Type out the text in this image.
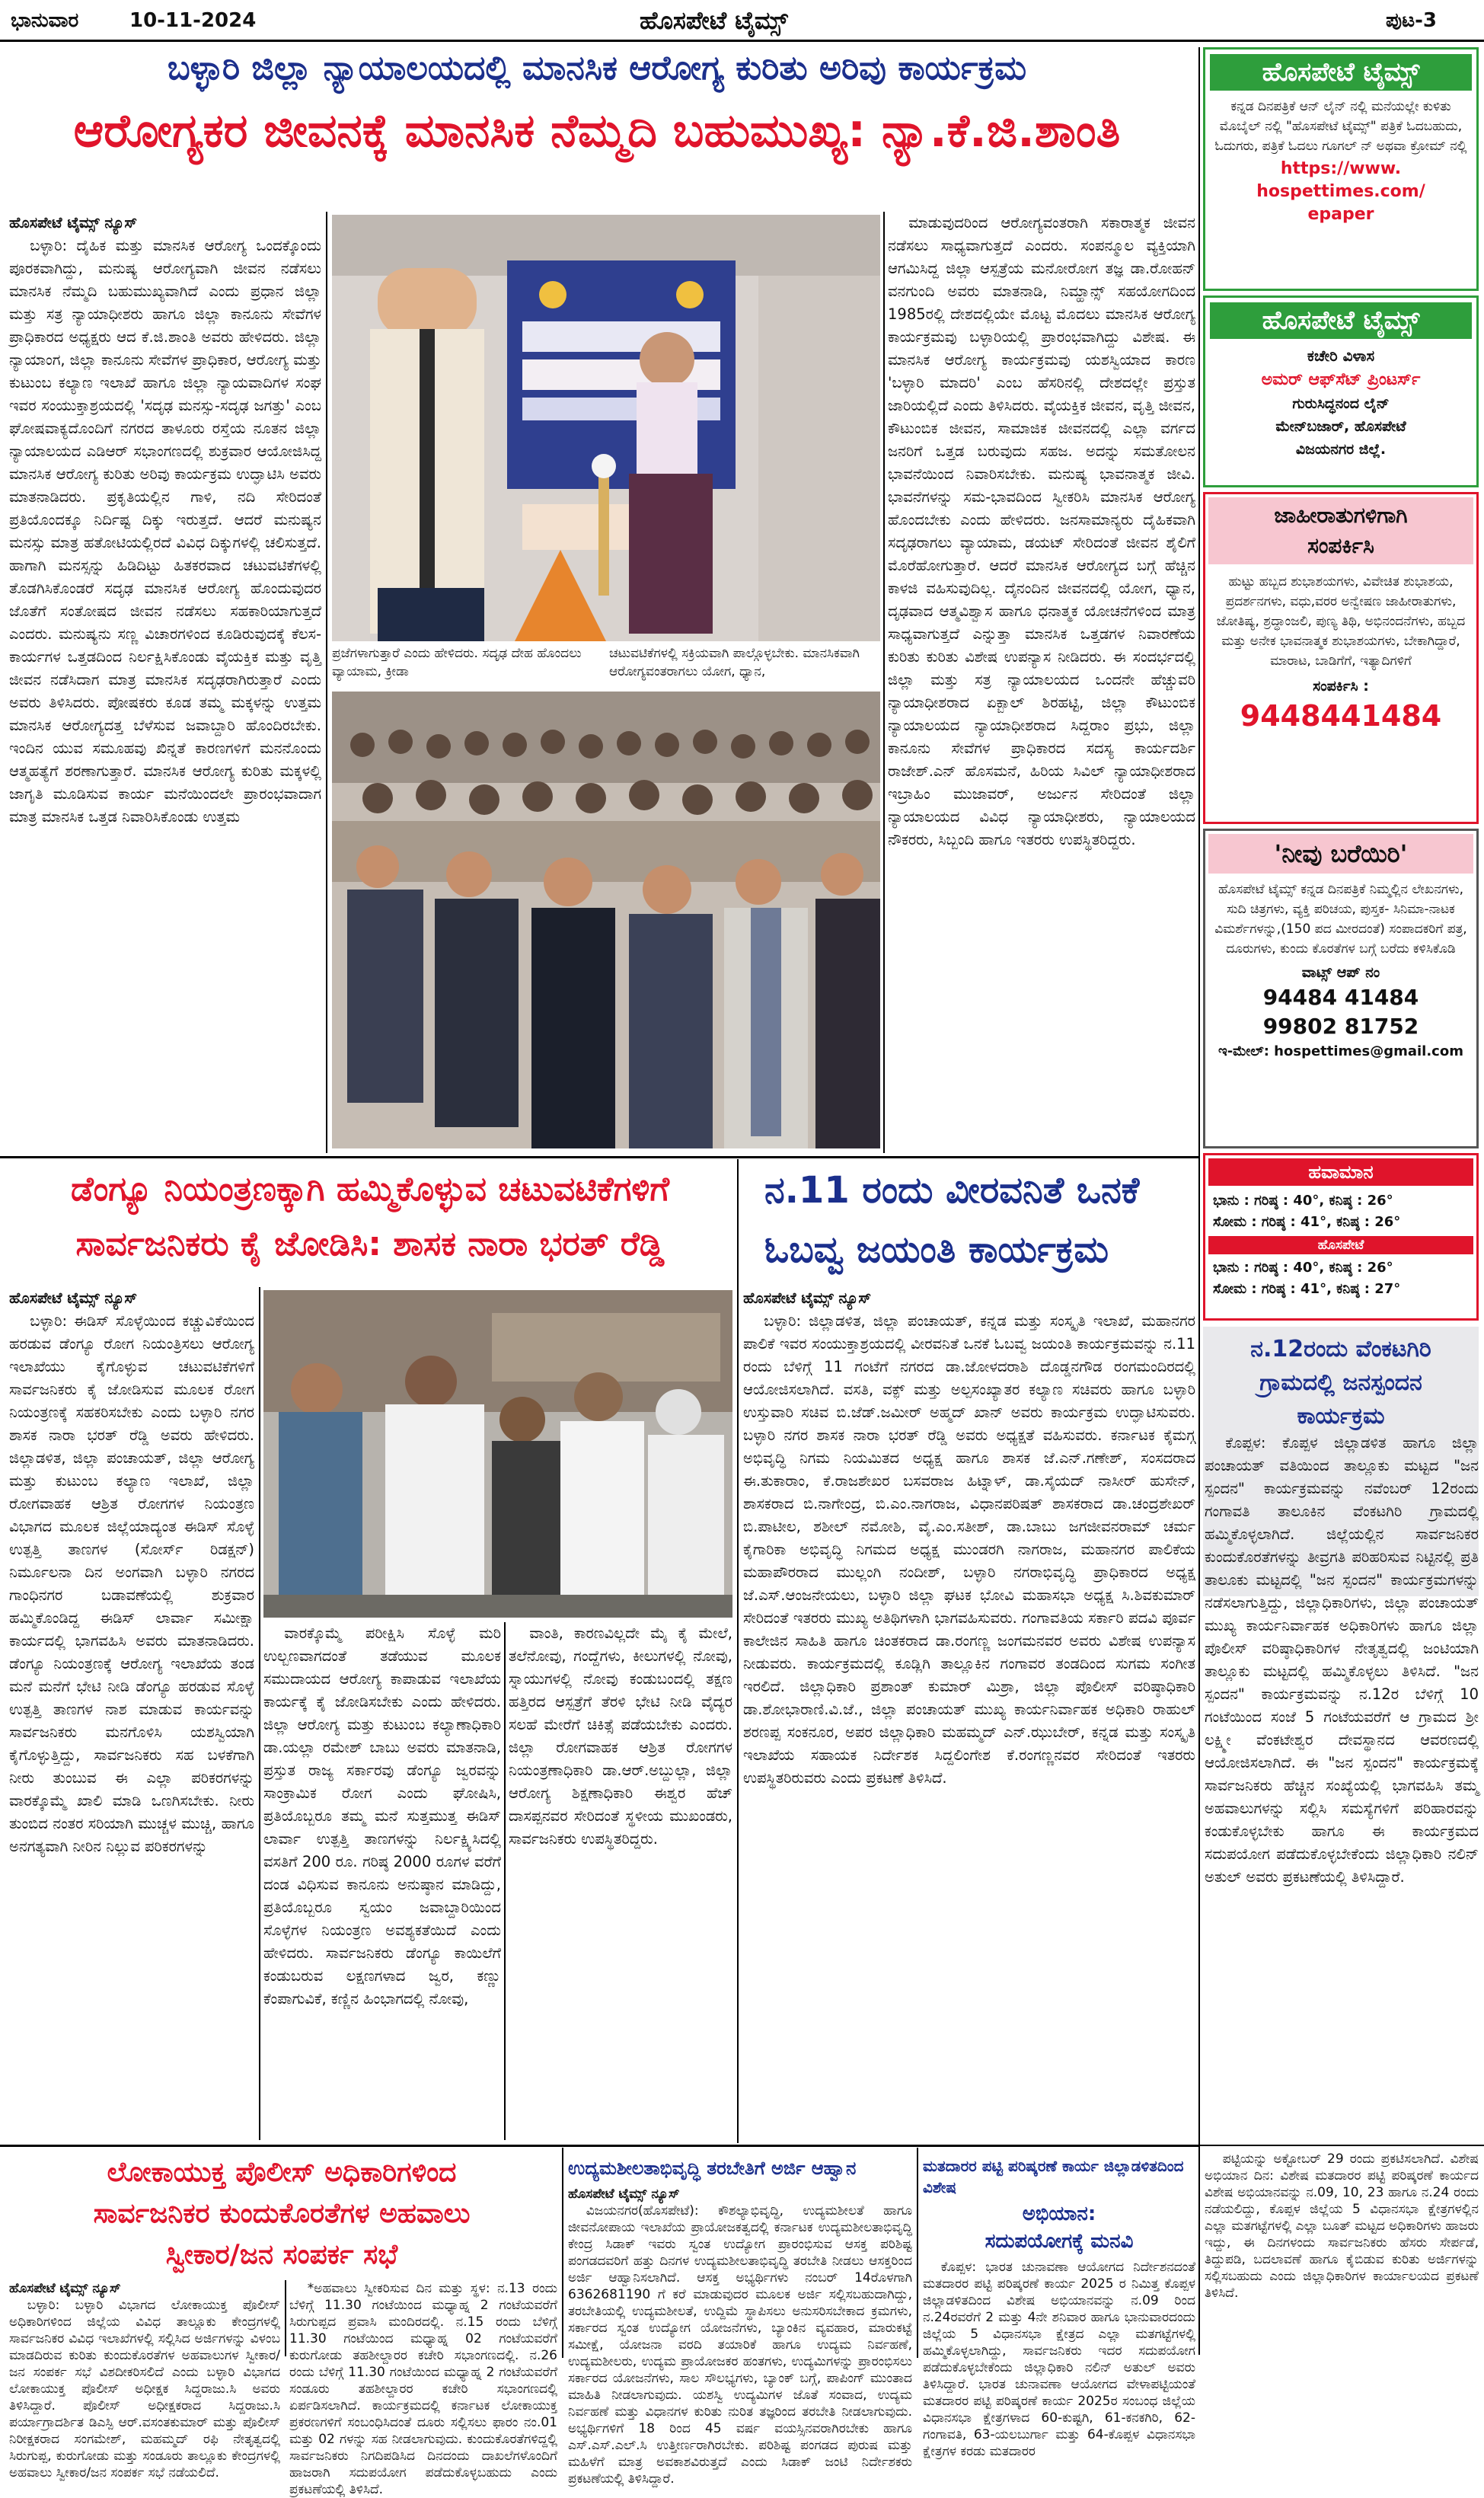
ಭಾನುವಾರ	10-11-2024	ಹೊಸಪೇಟೆ ಟೈಮ್ಸ್	ಪುಟ-3
ಬಳ್ಳಾರಿ ಜಿಲ್ಲಾ ನ್ಯಾಯಾಲಯದಲ್ಲಿ ಮಾನಸಿಕ ಆರೋಗ್ಯ ಕುರಿತು ಅರಿವು ಕಾರ್ಯಕ್ರಮ
ಆರೋಗ್ಯಕರ ಜೀವನಕ್ಕೆ ಮಾನಸಿಕ ನೆಮ್ಮದಿ ಬಹುಮುಖ್ಯ: ನ್ಯಾ.ಕೆ.ಜಿ.ಶಾಂತಿ
ಹೊಸಪೇಟೆ ಟೈಮ್ಸ್ ನ್ಯೂಸ್

ಬಳ್ಳಾರಿ: ದೈಹಿಕ ಮತ್ತು ಮಾನಸಿಕ ಆರೋಗ್ಯ ಒಂದಕ್ಕೊಂದು ಪೂರಕವಾಗಿದ್ದು, ಮನುಷ್ಯ ಆರೋಗ್ಯವಾಗಿ ಜೀವನ ನಡೆಸಲು ಮಾನಸಿಕ ನೆಮ್ಮದಿ ಬಹುಮುಖ್ಯವಾಗಿದೆ ಎಂದು ಪ್ರಧಾನ ಜಿಲ್ಲಾ ಮತ್ತು ಸತ್ರ ನ್ಯಾಯಾಧೀಶರು ಹಾಗೂ ಜಿಲ್ಲಾ ಕಾನೂನು ಸೇವೆಗಳ ಪ್ರಾಧಿಕಾರದ ಅಧ್ಯಕ್ಷರು ಆದ ಕೆ.ಜಿ.ಶಾಂತಿ ಅವರು ಹೇಳಿದರು. ಜಿಲ್ಲಾ ನ್ಯಾಯಾಂಗ, ಜಿಲ್ಲಾ ಕಾನೂನು ಸೇವೆಗಳ ಪ್ರಾಧಿಕಾರ, ಆರೋಗ್ಯ ಮತ್ತು ಕುಟುಂಬ ಕಲ್ಯಾಣ ಇಲಾಖೆ ಹಾಗೂ ಜಿಲ್ಲಾ ನ್ಯಾಯವಾದಿಗಳ ಸಂಘ ಇವರ ಸಂಯುಕ್ತಾಶ್ರಯದಲ್ಲಿ 'ಸದೃಢ ಮನಸ್ಸು-ಸದೃಢ ಜಗತ್ತು' ಎಂಬ ಘೋಷವಾಕ್ಯದೊಂದಿಗೆ ನಗರದ ತಾಳೂರು ರಸ್ತೆಯ ನೂತನ ಜಿಲ್ಲಾ ನ್ಯಾಯಾಲಯದ ಎಡಿಆರ್ ಸಭಾಂಗಣದಲ್ಲಿ ಶುಕ್ರವಾರ ಆಯೋಜಿಸಿದ್ದ ಮಾನಸಿಕ ಆರೋಗ್ಯ ಕುರಿತು ಅರಿವು ಕಾರ್ಯಕ್ರಮ ಉದ್ಘಾಟಿಸಿ ಅವರು ಮಾತನಾಡಿದರು. ಪ್ರಕೃತಿಯಲ್ಲಿನ ಗಾಳಿ, ನದಿ ಸೇರಿದಂತೆ ಪ್ರತಿಯೊಂದಕ್ಕೂ ನಿರ್ದಿಷ್ಟ ದಿಕ್ಕು ಇರುತ್ತದೆ. ಆದರೆ ಮನುಷ್ಯನ ಮನಸ್ಸು ಮಾತ್ರ ಹತೋಟಿಯಲ್ಲಿರದೆ ವಿವಿಧ ದಿಕ್ಕುಗಳಲ್ಲಿ ಚಲಿಸುತ್ತದೆ. ಹಾಗಾಗಿ ಮನಸ್ಸನ್ನು ಹಿಡಿದಿಟ್ಟು ಹಿತಕರವಾದ ಚಟುವಟಿಕೆಗಳಲ್ಲಿ ತೊಡಗಿಸಿಕೊಂಡರೆ ಸದೃಢ ಮಾನಸಿಕ ಆರೋಗ್ಯ ಹೊಂದುವುದರ ಜೊತೆಗೆ ಸಂತೋಷದ ಜೀವನ ನಡೆಸಲು ಸಹಕಾರಿಯಾಗುತ್ತದೆ ಎಂದರು. ಮನುಷ್ಯನು ಸಣ್ಣ ವಿಚಾರಗಳಿಂದ ಕೂಡಿರುವುದಕ್ಕೆ ಕೆಲಸ-ಕಾರ್ಯಗಳ ಒತ್ತಡದಿಂದ ನಿರ್ಲಕ್ಷಿಸಿಕೊಂಡು ವೈಯಕ್ತಿಕ ಮತ್ತು ವೃತ್ತಿ ಜೀವನ ನಡೆಸಿದಾಗ ಮಾತ್ರ ಮಾನಸಿಕ ಸದೃಢರಾಗಿರುತ್ತಾರೆ ಎಂದು ಅವರು ತಿಳಿಸಿದರು. ಪೋಷಕರು ಕೂಡ ತಮ್ಮ ಮಕ್ಕಳನ್ನು ಉತ್ತಮ ಮಾನಸಿಕ ಆರೋಗ್ಯದತ್ತ ಬೆಳೆಸುವ ಜವಾಬ್ದಾರಿ ಹೊಂದಿರಬೇಕು. ಇಂದಿನ ಯುವ ಸಮೂಹವು ಖಿನ್ನತೆ ಕಾರಣಗಳಿಗೆ ಮನನೊಂದು ಆತ್ಮಹತ್ಯೆಗೆ ಶರಣಾಗುತ್ತಾರೆ. ಮಾನಸಿಕ ಆರೋಗ್ಯ ಕುರಿತು ಮಕ್ಕಳಲ್ಲಿ ಜಾಗೃತಿ ಮೂಡಿಸುವ ಕಾರ್ಯ ಮನೆಯಿಂದಲೇ ಪ್ರಾರಂಭವಾದಾಗ ಮಾತ್ರ ಮಾನಸಿಕ ಒತ್ತಡ ನಿವಾರಿಸಿಕೊಂಡು ಉತ್ತಮ

ಪ್ರಜೆಗಳಾಗುತ್ತಾರೆ ಎಂದು ಹೇಳಿದರು. ಸದೃಢ ದೇಹ ಹೊಂದಲು ವ್ಯಾಯಾಮ, ಕ್ರೀಡಾ
ಚಟುವಟಿಕೆಗಳಲ್ಲಿ ಸಕ್ರಿಯವಾಗಿ ಪಾಲ್ಗೊಳ್ಳಬೇಕು. ಮಾನಸಿಕವಾಗಿ ಆರೋಗ್ಯವಂತರಾಗಲು ಯೋಗ, ಧ್ಯಾನ,

ಮಾಡುವುದರಿಂದ ಆರೋಗ್ಯವಂತರಾಗಿ ಸಕಾರಾತ್ಮಕ ಜೀವನ ನಡೆಸಲು ಸಾಧ್ಯವಾಗುತ್ತದೆ ಎಂದರು. ಸಂಪನ್ಮೂಲ ವ್ಯಕ್ತಿಯಾಗಿ ಆಗಮಿಸಿದ್ದ ಜಿಲ್ಲಾ ಆಸ್ಪತ್ರೆಯ ಮನೋರೋಗ ತಜ್ಞ ಡಾ.ರೋಹನ್ ವನಗುಂದಿ ಅವರು ಮಾತನಾಡಿ, ನಿಮ್ಹಾನ್ಸ್ ಸಹಯೋಗದಿಂದ 1985ರಲ್ಲಿ ದೇಶದಲ್ಲಿಯೇ ಮೊಟ್ಟ ಮೊದಲು ಮಾನಸಿಕ ಆರೋಗ್ಯ ಕಾರ್ಯಕ್ರಮವು ಬಳ್ಳಾರಿಯಲ್ಲಿ ಪ್ರಾರಂಭವಾಗಿದ್ದು ವಿಶೇಷ. ಈ ಮಾನಸಿಕ ಆರೋಗ್ಯ ಕಾರ್ಯಕ್ರಮವು ಯಶಸ್ವಿಯಾದ ಕಾರಣ 'ಬಳ್ಳಾರಿ ಮಾದರಿ' ಎಂಬ ಹೆಸರಿನಲ್ಲಿ ದೇಶದಲ್ಲೇ ಪ್ರಸ್ತುತ ಜಾರಿಯಲ್ಲಿದೆ ಎಂದು ತಿಳಿಸಿದರು. ವೈಯಕ್ತಿಕ ಜೀವನ, ವೃತ್ತಿ ಜೀವನ, ಕೌಟುಂಬಿಕ ಜೀವನ, ಸಾಮಾಜಿಕ ಜೀವನದಲ್ಲಿ ಎಲ್ಲಾ ವರ್ಗದ ಜನರಿಗೆ ಒತ್ತಡ ಬರುವುದು ಸಹಜ. ಅದನ್ನು ಸಮತೋಲನ ಭಾವನೆಯಿಂದ ನಿವಾರಿಸಬೇಕು. ಮನುಷ್ಯ ಭಾವನಾತ್ಮಕ ಜೀವಿ. ಭಾವನೆಗಳನ್ನು ಸಮ-ಭಾವದಿಂದ ಸ್ವೀಕರಿಸಿ ಮಾನಸಿಕ ಆರೋಗ್ಯ ಹೊಂದಬೇಕು ಎಂದು ಹೇಳಿದರು. ಜನಸಾಮಾನ್ಯರು ದೈಹಿಕವಾಗಿ ಸದೃಢರಾಗಲು ವ್ಯಾಯಾಮ, ಡಯಟ್ ಸೇರಿದಂತೆ ಜೀವನ ಶೈಲಿಗೆ ಮೊರೆಹೋಗುತ್ತಾರೆ. ಆದರೆ ಮಾನಸಿಕ ಆರೋಗ್ಯದ ಬಗ್ಗೆ ಹೆಚ್ಚಿನ ಕಾಳಜಿ ವಹಿಸುವುದಿಲ್ಲ. ದೈನಂದಿನ ಜೀವನದಲ್ಲಿ ಯೋಗ, ಧ್ಯಾನ, ದೃಢವಾದ ಆತ್ಮವಿಶ್ವಾಸ ಹಾಗೂ ಧನಾತ್ಮಕ ಯೋಚನೆಗಳಿಂದ ಮಾತ್ರ ಸಾಧ್ಯವಾಗುತ್ತದೆ ಎನ್ನುತ್ತಾ ಮಾನಸಿಕ ಒತ್ತಡಗಳ ನಿವಾರಣೆಯ ಕುರಿತು ಕುರಿತು ವಿಶೇಷ ಉಪನ್ಯಾಸ ನೀಡಿದರು. ಈ ಸಂದರ್ಭದಲ್ಲಿ ಜಿಲ್ಲಾ ಮತ್ತು ಸತ್ರ ನ್ಯಾಯಾಲಯದ ಒಂದನೇ ಹೆಚ್ಚುವರಿ ನ್ಯಾಯಾಧೀಶರಾದ ಏಕ್ಬಾಲ್ ಶಿರಹಟ್ಟಿ, ಜಿಲ್ಲಾ ಕೌಟುಂಬಿಕ ನ್ಯಾಯಾಲಯದ ನ್ಯಾಯಾಧೀಶರಾದ ಸಿದ್ದರಾಂ ಪ್ರಭು, ಜಿಲ್ಲಾ ಕಾನೂನು ಸೇವೆಗಳ ಪ್ರಾಧಿಕಾರದ ಸದಸ್ಯ ಕಾರ್ಯದರ್ಶಿ ರಾಜೇಶ್.ಎನ್ ಹೊಸಮನೆ, ಹಿರಿಯ ಸಿವಿಲ್ ನ್ಯಾಯಾಧೀಶರಾದ ಇಬ್ರಾಹಿಂ ಮುಜಾವರ್, ಅರ್ಜುನ ಸೇರಿದಂತೆ ಜಿಲ್ಲಾ ನ್ಯಾಯಾಲಯದ ವಿವಿಧ ನ್ಯಾಯಾಧೀಶರು, ನ್ಯಾಯಾಲಯದ ನೌಕರರು, ಸಿಬ್ಬಂದಿ ಹಾಗೂ ಇತರರು ಉಪಸ್ಥಿತರಿದ್ದರು.

ಡೆಂಗ್ಯೂ ನಿಯಂತ್ರಣಕ್ಕಾಗಿ ಹಮ್ಮಿಕೊಳ್ಳುವ ಚಟುವಟಿಕೆಗಳಿಗೆ
ಸಾರ್ವಜನಿಕರು ಕೈ ಜೋಡಿಸಿ: ಶಾಸಕ ನಾರಾ ಭರತ್ ರೆಡ್ಡಿ
ಹೊಸಪೇಟೆ ಟೈಮ್ಸ್ ನ್ಯೂಸ್

ಬಳ್ಳಾರಿ: ಈಡಿಸ್ ಸೊಳ್ಳೆಯಿಂದ ಕಚ್ಚುವಿಕೆಯಿಂದ ಹರಡುವ ಡೆಂಗ್ಯೂ ರೋಗ ನಿಯಂತ್ರಿಸಲು ಆರೋಗ್ಯ ಇಲಾಖೆಯು ಕೈಗೊಳ್ಳುವ ಚಟುವಟಿಕೆಗಳಿಗೆ ಸಾರ್ವಜನಿಕರು ಕೈ ಜೋಡಿಸುವ ಮೂಲಕ ರೋಗ ನಿಯಂತ್ರಣಕ್ಕೆ ಸಹಕರಿಸಬೇಕು ಎಂದು ಬಳ್ಳಾರಿ ನಗರ ಶಾಸಕ ನಾರಾ ಭರತ್ ರೆಡ್ಡಿ ಅವರು ಹೇಳಿದರು. ಜಿಲ್ಲಾಡಳಿತ, ಜಿಲ್ಲಾ ಪಂಚಾಯತ್, ಜಿಲ್ಲಾ ಆರೋಗ್ಯ ಮತ್ತು ಕುಟುಂಬ ಕಲ್ಯಾಣ ಇಲಾಖೆ, ಜಿಲ್ಲಾ ರೋಗವಾಹಕ ಆಶ್ರಿತ ರೋಗಗಳ ನಿಯಂತ್ರಣ ವಿಭಾಗದ ಮೂಲಕ ಜಿಲ್ಲೆಯಾದ್ಯಂತ ಈಡಿಸ್ ಸೊಳ್ಳೆ ಉತ್ಪತ್ತಿ ತಾಣಗಳ (ಸೋರ್ಸ್ ರಿಡಕ್ಷನ್) ನಿರ್ಮೂಲನಾ ದಿನ ಅಂಗವಾಗಿ ಬಳ್ಳಾರಿ ನಗರದ ಗಾಂಧಿನಗರ ಬಡಾವಣೆಯಲ್ಲಿ ಶುಕ್ರವಾರ ಹಮ್ಮಿಕೊಂಡಿದ್ದ ಈಡಿಸ್ ಲಾರ್ವಾ ಸಮೀಕ್ಷಾ ಕಾರ್ಯದಲ್ಲಿ ಭಾಗವಹಿಸಿ ಅವರು ಮಾತನಾಡಿದರು. ಡೆಂಗ್ಯೂ ನಿಯಂತ್ರಣಕ್ಕೆ ಆರೋಗ್ಯ ಇಲಾಖೆಯ ತಂಡ ಮನೆ ಮನೆಗೆ ಭೇಟಿ ನೀಡಿ ಡೆಂಗ್ಯೂ ಹರಡುವ ಸೊಳ್ಳೆ ಉತ್ಪತ್ತಿ ತಾಣಗಳ ನಾಶ ಮಾಡುವ ಕಾರ್ಯವನ್ನು ಸಾರ್ವಜನಿಕರು ಮನಗೊಳಿಸಿ ಯಶಸ್ವಿಯಾಗಿ ಕೈಗೊಳ್ಳುತ್ತಿದ್ದು, ಸಾರ್ವಜನಿಕರು ಸಹ ಬಳಕೆಗಾಗಿ ನೀರು ತುಂಬುವ ಈ ಎಲ್ಲಾ ಪರಿಕರಗಳನ್ನು ವಾರಕ್ಕೊಮ್ಮೆ ಖಾಲಿ ಮಾಡಿ ಒಣಗಿಸಬೇಕು. ನೀರು ತುಂಬಿದ ನಂತರ ಸರಿಯಾಗಿ ಮುಚ್ಚಳ ಮುಚ್ಚಿ, ಹಾಗೂ ಅನಗತ್ಯವಾಗಿ ನೀರಿನ ನಿಲ್ಲುವ ಪರಿಕರಗಳನ್ನು

ವಾರಕ್ಕೊಮ್ಮೆ ಪರೀಕ್ಷಿಸಿ ಸೊಳ್ಳೆ ಮರಿ ಉಲ್ಬಣವಾಗದಂತೆ ತಡೆಯುವ ಮೂಲಕ ಸಮುದಾಯದ ಆರೋಗ್ಯ ಕಾಪಾಡುವ ಇಲಾಖೆಯ ಕಾರ್ಯಕ್ಕೆ ಕೈ ಜೋಡಿಸಬೇಕು ಎಂದು ಹೇಳಿದರು. ಜಿಲ್ಲಾ ಆರೋಗ್ಯ ಮತ್ತು ಕುಟುಂಬ ಕಲ್ಯಾಣಾಧಿಕಾರಿ ಡಾ.ಯಲ್ಲಾ ರಮೇಶ್ ಬಾಬು ಅವರು ಮಾತನಾಡಿ, ಪ್ರಸ್ತುತ ರಾಜ್ಯ ಸರ್ಕಾರವು ಡೆಂಗ್ಯೂ ಜ್ವರವನ್ನು ಸಾಂಕ್ರಾಮಿಕ ರೋಗ ಎಂದು ಘೋಷಿಸಿ, ಪ್ರತಿಯೊಬ್ಬರೂ ತಮ್ಮ ಮನೆ ಸುತ್ತಮುತ್ತ ಈಡಿಸ್ ಲಾರ್ವಾ ಉತ್ಪತ್ತಿ ತಾಣಗಳನ್ನು ನಿರ್ಲಕ್ಷ್ಯಿಸಿದಲ್ಲಿ ವಸತಿಗೆ 200 ರೂ. ಗರಿಷ್ಠ 2000 ರೂಗಳ ವರೆಗೆ ದಂಡ ವಿಧಿಸುವ ಕಾನೂನು ಅನುಷ್ಠಾನ ಮಾಡಿದ್ದು, ಪ್ರತಿಯೊಬ್ಬರೂ ಸ್ವಯಂ ಜವಾಬ್ದಾರಿಯಿಂದ ಸೊಳ್ಳೆಗಳ ನಿಯಂತ್ರಣ ಅವಶ್ಯಕತೆಯಿದೆ ಎಂದು ಹೇಳಿದರು. ಸಾರ್ವಜನಿಕರು ಡೆಂಗ್ಯೂ ಕಾಯಿಲೆಗೆ ಕಂಡುಬರುವ ಲಕ್ಷಣಗಳಾದ ಜ್ವರ, ಕಣ್ಣು ಕೆಂಪಾಗುವಿಕೆ, ಕಣ್ಣಿನ ಹಿಂಭಾಗದಲ್ಲಿ ನೋವು,

ವಾಂತಿ, ಕಾರಣವಿಲ್ಲದೇ ಮೈ ಕೈ ಮೇಲೆ, ತಲೆನೋವು, ಗಂದ್ದೆಗಳು, ಕೀಲುಗಳಲ್ಲಿ ನೋವು, ಸ್ನಾಯುಗಳಲ್ಲಿ ನೋವು ಕಂಡುಬಂದಲ್ಲಿ ತಕ್ಷಣ ಹತ್ತಿರದ ಆಸ್ಪತ್ರೆಗೆ ತೆರಳಿ ಭೇಟಿ ನೀಡಿ ವೈದ್ಯರ ಸಲಹೆ ಮೇರೆಗೆ ಚಿಕಿತ್ಸೆ ಪಡೆಯಬೇಕು ಎಂದರು. ಜಿಲ್ಲಾ ರೋಗವಾಹಕ ಆಶ್ರಿತ ರೋಗಗಳ ನಿಯಂತ್ರಣಾಧಿಕಾರಿ ಡಾ.ಆರ್.ಅಬ್ದುಲ್ಲಾ, ಜಿಲ್ಲಾ ಆರೋಗ್ಯ ಶಿಕ್ಷಣಾಧಿಕಾರಿ ಈಶ್ವರ ಹೆಚ್ ದಾಸಪ್ಪನವರ ಸೇರಿದಂತೆ ಸ್ಥಳೀಯ ಮುಖಂಡರು, ಸಾರ್ವಜನಿಕರು ಉಪಸ್ಥಿತರಿದ್ದರು.

ನ.11 ರಂದು ವೀರವನಿತೆ ಒನಕೆ
ಓಬವ್ವ ಜಯಂತಿ ಕಾರ್ಯಕ್ರಮ
ಹೊಸಪೇಟೆ ಟೈಮ್ಸ್ ನ್ಯೂಸ್

ಬಳ್ಳಾರಿ: ಜಿಲ್ಲಾಡಳಿತ, ಜಿಲ್ಲಾ ಪಂಚಾಯತ್, ಕನ್ನಡ ಮತ್ತು ಸಂಸ್ಕೃತಿ ಇಲಾಖೆ, ಮಹಾನಗರ ಪಾಲಿಕೆ ಇವರ ಸಂಯುಕ್ತಾಶ್ರಯದಲ್ಲಿ ವೀರವನಿತೆ ಒನಕೆ ಓಬವ್ವ ಜಯಂತಿ ಕಾರ್ಯಕ್ರಮವನ್ನು ನ.11 ರಂದು ಬೆಳಿಗ್ಗೆ 11 ಗಂಟೆಗೆ ನಗರದ ಡಾ.ಜೋಳದರಾಶಿ ದೊಡ್ಡನಗೌಡ ರಂಗಮಂದಿರದಲ್ಲಿ ಆಯೋಜಿಸಲಾಗಿದೆ. ವಸತಿ, ವಕ್ಫ್ ಮತ್ತು ಅಲ್ಪಸಂಖ್ಯಾತರ ಕಲ್ಯಾಣ ಸಚಿವರು ಹಾಗೂ ಬಳ್ಳಾರಿ ಉಸ್ತುವಾರಿ ಸಚಿವ ಬಿ.ಜೆಡ್.ಜಮೀರ್ ಅಹ್ಮದ್ ಖಾನ್ ಅವರು ಕಾರ್ಯಕ್ರಮ ಉದ್ಘಾಟಿಸುವರು. ಬಳ್ಳಾರಿ ನಗರ ಶಾಸಕ ನಾರಾ ಭರತ್ ರೆಡ್ಡಿ ಅವರು ಅಧ್ಯಕ್ಷತೆ ವಹಿಸುವರು. ಕರ್ನಾಟಕ ಕೈಮಗ್ಗ ಅಭಿವೃದ್ಧಿ ನಿಗಮ ನಿಯಮಿತದ ಅಧ್ಯಕ್ಷ ಹಾಗೂ ಶಾಸಕ ಜೆ.ಎನ್.ಗಣೇಶ್, ಸಂಸದರಾದ ಈ.ತುಕಾರಾಂ, ಕೆ.ರಾಜಶೇಖರ ಬಸವರಾಜ ಹಿಟ್ನಾಳ್, ಡಾ.ಸೈಯದ್ ನಾಸೀರ್ ಹುಸೇನ್, ಶಾಸಕರಾದ ಬಿ.ನಾಗೇಂದ್ರ, ಬಿ.ಎಂ.ನಾಗರಾಜ, ವಿಧಾನಪರಿಷತ್ ಶಾಸಕರಾದ ಡಾ.ಚಂದ್ರಶೇಖರ್ ಬಿ.ಪಾಟೀಲ, ಶಶೀಲ್ ನಮೋಶಿ, ವೈ.ಎಂ.ಸತೀಶ್, ಡಾ.ಬಾಬು ಜಗಜೀವನರಾಮ್ ಚರ್ಮ ಕೈಗಾರಿಕಾ ಅಭಿವೃದ್ಧಿ ನಿಗಮದ ಅಧ್ಯಕ್ಷ ಮುಂಡರಗಿ ನಾಗರಾಜ, ಮಹಾನಗರ ಪಾಲಿಕೆಯ ಮಹಾಪೌರರಾದ ಮುಲ್ಲಂಗಿ ನಂದೀಶ್, ಬಳ್ಳಾರಿ ನಗರಾಭಿವೃದ್ಧಿ ಪ್ರಾಧಿಕಾರದ ಅಧ್ಯಕ್ಷ ಜೆ.ಎಸ್.ಆಂಜನೇಯಲು, ಬಳ್ಳಾರಿ ಜಿಲ್ಲಾ ಘಟಕ ಭೋವಿ ಮಹಾಸಭಾ ಅಧ್ಯಕ್ಷ ಸಿ.ಶಿವಕುಮಾರ್ ಸೇರಿದಂತೆ ಇತರರು ಮುಖ್ಯ ಅತಿಥಿಗಳಾಗಿ ಭಾಗವಹಿಸುವರು. ಗಂಗಾವತಿಯ ಸರ್ಕಾರಿ ಪದವಿ ಪೂರ್ವ ಕಾಲೇಜಿನ ಸಾಹಿತಿ ಹಾಗೂ ಚಿಂತಕರಾದ ಡಾ.ರಂಗಣ್ಣ ಜಂಗಮನವರ ಅವರು ವಿಶೇಷ ಉಪನ್ಯಾಸ ನೀಡುವರು. ಕಾರ್ಯಕ್ರಮದಲ್ಲಿ ಕೂಡ್ಲಿಗಿ ತಾಲ್ಲೂಕಿನ ಗಂಗಾವರ ತಂಡದಿಂದ ಸುಗಮ ಸಂಗೀತ ಇರಲಿದೆ. ಜಿಲ್ಲಾಧಿಕಾರಿ ಪ್ರಶಾಂತ್ ಕುಮಾರ್ ಮಿಶ್ರಾ, ಜಿಲ್ಲಾ ಪೊಲೀಸ್ ವರಿಷ್ಠಾಧಿಕಾರಿ ಡಾ.ಶೋಭಾರಾಣಿ.ವಿ.ಜೆ., ಜಿಲ್ಲಾ ಪಂಚಾಯತ್ ಮುಖ್ಯ ಕಾರ್ಯನಿರ್ವಾಹಕ ಅಧಿಕಾರಿ ರಾಹುಲ್ ಶರಣಪ್ಪ ಸಂಕನೂರ, ಅಪರ ಜಿಲ್ಲಾಧಿಕಾರಿ ಮಹಮ್ಮದ್ ಎನ್.ಝುಬೇರ್, ಕನ್ನಡ ಮತ್ತು ಸಂಸ್ಕೃತಿ ಇಲಾಖೆಯ ಸಹಾಯಕ ನಿರ್ದೇಶಕ ಸಿದ್ದಲಿಂಗೇಶ ಕೆ.ರಂಗಣ್ಣನವರ ಸೇರಿದಂತೆ ಇತರರು ಉಪಸ್ಥಿತರಿರುವರು ಎಂದು ಪ್ರಕಟಣೆ ತಿಳಿಸಿದೆ.

ಲೋಕಾಯುಕ್ತ ಪೊಲೀಸ್ ಅಧಿಕಾರಿಗಳಿಂದ
ಸಾರ್ವಜನಿಕರ ಕುಂದುಕೊರತೆಗಳ ಅಹವಾಲು
ಸ್ವೀಕಾರ/ಜನ ಸಂಪರ್ಕ ಸಭೆ
ಹೊಸಪೇಟೆ ಟೈಮ್ಸ್ ನ್ಯೂಸ್

ಬಳ್ಳಾರಿ: ಬಳ್ಳಾರಿ ವಿಭಾಗದ ಲೋಕಾಯುಕ್ತ ಪೊಲೀಸ್ ಅಧಿಕಾರಿಗಳಿಂದ ಜಿಲ್ಲೆಯ ವಿವಿಧ ತಾಲ್ಲೂಕು ಕೇಂದ್ರಗಳಲ್ಲಿ ಸಾರ್ವಜನಿಕರ ವಿವಿಧ ಇಲಾಖೆಗಳಲ್ಲಿ ಸಲ್ಲಿಸಿದ ಅರ್ಜಿಗಳನ್ನು ವಿಳಂಬ ಮಾಡದಿರುವ ಕುರಿತು ಕುಂದುಕೊರತೆಗಳ ಅಹವಾಲುಗಳ ಸ್ವೀಕಾರ/ಜನ ಸಂಪರ್ಕ ಸಭೆ ವಿಶದೀಕರಿಸಲಿದೆ ಎಂದು ಬಳ್ಳಾರಿ ವಿಭಾಗದ ಲೋಕಾಯುಕ್ತ ಪೊಲೀಸ್ ಅಧೀಕ್ಷಕ ಸಿದ್ದರಾಜು.ಸಿ ಅವರು ತಿಳಿಸಿದ್ದಾರೆ. ಪೊಲೀಸ್ ಅಧೀಕ್ಷಕರಾದ ಸಿದ್ದರಾಜು.ಸಿ ಪರ್ಯಾಗ್ರಾದರ್ಶಿತ ಡಿಎಸ್ಪಿ ಆರ್.ವಸಂತಕುಮಾರ್ ಮತ್ತು ಪೊಲೀಸ್ ನಿರೀಕ್ಷಕರಾದ ಸಂಗಮೇಶ್, ಮಹಮ್ಮದ್ ರಫಿ ನೇತೃತ್ವದಲ್ಲಿ ಸಿರುಗುಪ್ಪ, ಕುರುಗೋಡು ಮತ್ತು ಸಂಡೂರು ತಾಲ್ಲೂಕು ಕೇಂದ್ರಗಳಲ್ಲಿ ಅಹವಾಲು ಸ್ವೀಕಾರ/ಜನ ಸಂಪರ್ಕ ಸಭೆ ನಡೆಯಲಿದೆ.

*ಅಹವಾಲು ಸ್ವೀಕರಿಸುವ ದಿನ ಮತ್ತು ಸ್ಥಳ: ನ.13 ರಂದು ಬೆಳಿಗ್ಗೆ 11.30 ಗಂಟೆಯಿಂದ ಮಧ್ಯಾಹ್ನ 2 ಗಂಟೆಯವರೆಗೆ ಸಿರುಗುಪ್ಪದ ಪ್ರವಾಸಿ ಮಂದಿರದಲ್ಲಿ. ನ.15 ರಂದು ಬೆಳಿಗ್ಗೆ 11.30 ಗಂಟೆಯಿಂದ ಮಧ್ಯಾಹ್ನ 02 ಗಂಟೆಯವರೆಗೆ ಕುರುಗೋಡು ತಹಶೀಲ್ದಾರರ ಕಚೇರಿ ಸಭಾಂಗಣದಲ್ಲಿ. ನ.26 ರಂದು ಬೆಳಿಗ್ಗೆ 11.30 ಗಂಟೆಯಿಂದ ಮಧ್ಯಾಹ್ನ 2 ಗಂಟೆಯವರೆಗೆ ಸಂಡೂರು ತಹಶೀಲ್ದಾರರ ಕಚೇರಿ ಸಭಾಂಗಣದಲ್ಲಿ ಏರ್ಪಡಿಸಲಾಗಿದೆ. ಕಾರ್ಯಕ್ರಮದಲ್ಲಿ ಕರ್ನಾಟಕ ಲೋಕಾಯುಕ್ತ ಪ್ರಕರಣಗಳಿಗೆ ಸಂಬಂಧಿಸಿದಂತೆ ದೂರು ಸಲ್ಲಿಸಲು ಫಾರಂ ನಂ.01 ಮತ್ತು 02 ಗಳನ್ನು ಸಹ ನೀಡಲಾಗುವುದು. ಕುಂದುಕೊರತೆಗಳಿದ್ದಲ್ಲಿ ಸಾರ್ವಜನಿಕರು ನಿಗದಿಪಡಿಸಿದ ದಿನದಂದು ದಾಖಲೆಗಳೊಂದಿಗೆ ಹಾಜರಾಗಿ ಸದುಪಯೋಗ ಪಡೆದುಕೊಳ್ಳಬಹುದು ಎಂದು ಪ್ರಕಟಣೆಯಲ್ಲಿ ತಿಳಿಸಿದೆ.

ಉದ್ಯಮಶೀಲತಾಭಿವೃದ್ಧಿ ತರಬೇತಿಗೆ ಅರ್ಜಿ ಆಹ್ವಾನ
ಹೊಸಪೇಟೆ ಟೈಮ್ಸ್ ನ್ಯೂಸ್

ವಿಜಯನಗರ(ಹೊಸಪೇಟೆ): ಕೌಶಲ್ಯಾಭಿವೃದ್ಧಿ, ಉದ್ಯಮಶೀಲತೆ ಹಾಗೂ ಜೀವನೋಪಾಯ ಇಲಾಖೆಯ ಪ್ರಾಯೋಜಕತ್ವದಲ್ಲಿ ಕರ್ನಾಟಕ ಉದ್ಯಮಶೀಲತಾಭಿವೃದ್ಧಿ ಕೇಂದ್ರ ಸಿಡಾಕ್ ಇವರು ಸ್ವಂತ ಉದ್ಯೋಗ ಪ್ರಾರಂಭಿಸುವ ಆಸಕ್ತ ಪರಿಶಿಷ್ಟ ಪಂಗಡದವರಿಗೆ ಹತ್ತು ದಿನಗಳ ಉದ್ಯಮಶೀಲತಾಭಿವೃದ್ಧಿ ತರಬೇತಿ ನೀಡಲು ಆಸಕ್ತರಿಂದ ಅರ್ಜಿ ಆಹ್ವಾನಿಸಲಾಗಿದೆ. ಆಸಕ್ತ ಅಭ್ಯರ್ಥಿಗಳು ನಂಬರ್ 14ರೊಳಗಾಗಿ 6362681190 ಗೆ ಕರೆ ಮಾಡುವುದರ ಮೂಲಕ ಅರ್ಜಿ ಸಲ್ಲಿಸಬಹುದಾಗಿದ್ದು, ತರಬೇತಿಯಲ್ಲಿ ಉದ್ಯಮಶೀಲತೆ, ಉದ್ದಿಮೆ ಸ್ಥಾಪಿಸಲು ಅನುಸರಿಸಬೇಕಾದ ಕ್ರಮಗಳು, ಸರ್ಕಾರದ ಸ್ವಂತ ಉದ್ಯೋಗ ಯೋಜನೆಗಳು, ಬ್ಯಾಂಕಿನ ವ್ಯವಹಾರ, ಮಾರುಕಟ್ಟೆ ಸಮೀಕ್ಷೆ, ಯೋಜನಾ ವರದಿ ತಯಾರಿಕೆ ಹಾಗೂ ಉದ್ಯಮ ನಿರ್ವಹಣೆ, ಉದ್ಯಮಶೀಲರು, ಉದ್ಯಮ ಪ್ರಾಯೋಜಕರ ಹಂತಗಳು, ಉದ್ಯಮಿಗಳನ್ನು ಪ್ರಾರಂಭಿಸಲು ಸರ್ಕಾರದ ಯೋಜನೆಗಳು, ಸಾಲ ಸೌಲಭ್ಯಗಳು, ಬ್ಯಾಂಕ್ ಬಗ್ಗೆ, ಪಾಪಿಂಗ್ ಮುಂತಾದ ಮಾಹಿತಿ ನೀಡಲಾಗುವುದು. ಯಶಸ್ವಿ ಉದ್ಯಮಿಗಳ ಜೊತೆ ಸಂವಾದ, ಉದ್ಯಮ ನಿರ್ವಹಣೆ ಮತ್ತು ವಿಧಾನಗಳ ಕುರಿತು ನುರಿತ ತಜ್ಞರಿಂದ ತರಬೇತಿ ನೀಡಲಾಗುವುದು. ಅಭ್ಯರ್ಥಿಗಳಿಗೆ 18 ರಿಂದ 45 ವರ್ಷ ವಯಸ್ಸಿನವರಾಗಿರಬೇಕು ಹಾಗೂ ಎಸ್.ಎಸ್.ಎಲ್.ಸಿ ಉತ್ತೀರ್ಣರಾಗಿರಬೇಕು. ಪರಿಶಿಷ್ಟ ಪಂಗಡದ ಪುರುಷ ಮತ್ತು ಮಹಿಳೆಗೆ ಮಾತ್ರ ಅವಕಾಶವಿರುತ್ತದೆ ಎಂದು ಸಿಡಾಕ್ ಜಂಟಿ ನಿರ್ದೇಶಕರು ಪ್ರಕಟಣೆಯಲ್ಲಿ ತಿಳಿಸಿದ್ದಾರೆ.

ಮತದಾರರ ಪಟ್ಟಿ ಪರಿಷ್ಕರಣೆ ಕಾರ್ಯ ಜಿಲ್ಲಾಡಳಿತದಿಂದ ವಿಶೇಷ
ಅಭಿಯಾನ:
ಸದುಪಯೋಗಕ್ಕೆ ಮನವಿ

ಕೊಪ್ಪಳ: ಭಾರತ ಚುನಾವಣಾ ಆಯೋಗದ ನಿರ್ದೇಶನದಂತೆ ಮತದಾರರ ಪಟ್ಟಿ ಪರಿಷ್ಕರಣೆ ಕಾರ್ಯ 2025 ರ ನಿಮಿತ್ತ ಕೊಪ್ಪಳ ಜಿಲ್ಲಾಡಳಿತದಿಂದ ವಿಶೇಷ ಅಭಿಯಾನವನ್ನು ನ.09 ರಿಂದ ನ.24ರವರೆಗೆ 2 ಮತ್ತು 4ನೇ ಶನಿವಾರ ಹಾಗೂ ಭಾನುವಾರದಂದು ಜಿಲ್ಲೆಯ 5 ವಿಧಾನಸಭಾ ಕ್ಷೇತ್ರದ ಎಲ್ಲಾ ಮತಗಟ್ಟೆಗಳಲ್ಲಿ ಹಮ್ಮಿಕೊಳ್ಳಲಾಗಿದ್ದು, ಸಾರ್ವಜನಿಕರು ಇದರ ಸದುಪಯೋಗ ಪಡೆದುಕೊಳ್ಳಬೇಕೆಂದು ಜಿಲ್ಲಾಧಿಕಾರಿ ನಲಿನ್ ಅತುಲ್ ಅವರು ತಿಳಿಸಿದ್ದಾರೆ. ಭಾರತ ಚುನಾವಣಾ ಆಯೋಗದ ವೇಳಾಪಟ್ಟಿಯಂತೆ ಮತದಾರರ ಪಟ್ಟಿ ಪರಿಷ್ಕರಣೆ ಕಾರ್ಯ 2025ರ ಸಂಬಂಧ ಜಿಲ್ಲೆಯ ವಿಧಾನಸಭಾ ಕ್ಷೇತ್ರಗಳಾದ 60-ಕುಷ್ಟಗಿ, 61-ಕನಕಗಿರಿ, 62-ಗಂಗಾವತಿ, 63-ಯಲಬುರ್ಗಾ ಮತ್ತು 64-ಕೊಪ್ಪಳ ವಿಧಾನಸಭಾ ಕ್ಷೇತ್ರಗಳ ಕರಡು ಮತದಾರರ

ಹೊಸಪೇಟೆ ಟೈಮ್ಸ್
ಕನ್ನಡ ದಿನಪತ್ರಿಕೆ ಆನ್ ಲೈನ್ ನಲ್ಲಿ ಮನೆಯಲ್ಲೇ ಕುಳಿತು ಮೊಬೈಲ್ ನಲ್ಲಿ "ಹೊಸಪೇಟೆ ಟೈಮ್ಸ್" ಪತ್ರಿಕೆ ಓದಬಹುದು, ಓದುಗರು, ಪತ್ರಿಕೆ ಓದಲು ಗೂಗಲ್ ನ್ ಅಥವಾ ಕ್ರೋಮ್ ನಲ್ಲಿ
https://www.
hospettimes.com/
epaper
ಹೊಸಪೇಟೆ ಟೈಮ್ಸ್
ಕಚೇರಿ ವಿಳಾಸ
ಅಮರ್ ಆಫ್‌ಸೆಟ್ ಪ್ರಿಂಟರ್ಸ್
ಗುರುಸಿದ್ಧನಂದ ಲೈನ್
ಮೇನ್‌ಬಜಾರ್, ಹೊಸಪೇಟೆ
ವಿಜಯನಗರ ಜಿಲ್ಲೆ.
ಜಾಹೀರಾತುಗಳಿಗಾಗಿ
ಸಂಪರ್ಕಿಸಿ
ಹುಟ್ಟು ಹಬ್ಬದ ಶುಭಾಶಯಗಳು, ವಿವೇಚಿತ ಶುಭಾಶಯ, ಪ್ರದರ್ಶನಗಳು, ವಧು,ವರರ ಅನ್ವೇಷಣ ಜಾಹೀರಾತುಗಳು, ಜೋತಿಷ್ಯ, ಶ್ರದ್ಧಾಂಜಲಿ, ಪುಣ್ಯ ತಿಥಿ, ಅಭಿನಂದನೆಗಳು, ಹಬ್ಬದ ಮತ್ತು ಅನೇಕ ಭಾವನಾತ್ಮಕ ಶುಭಾಶಯಗಳು, ಬೇಕಾಗಿದ್ದಾರೆ, ಮಾರಾಟ, ಬಾಡಿಗೆಗೆ, ಇತ್ಯಾದಿಗಳಿಗೆ
ಸಂಪರ್ಕಿಸಿ :
9448441484
'ನೀವು ಬರೆಯಿರಿ'
ಹೊಸಪೇಟೆ ಟೈಮ್ಸ್ ಕನ್ನಡ ದಿನಪತ್ರಿಕೆ ನಿಮ್ಮಲ್ಲಿನ ಲೇಖನಗಳು, ಸುದಿ ಚಿತ್ರಗಳು, ವ್ಯಕ್ತಿ ಪರಿಚಯ, ಪುಸ್ತಕ- ಸಿನಿಮಾ-ನಾಟಕ ವಿಮರ್ಶೆಗಳನ್ನು,(150 ಪದ ಮೀರದಂತೆ) ಸಂಪಾದಕರಿಗೆ ಪತ್ರ, ದೂರುಗಳು, ಕುಂದು ಕೊರತೆಗಳ ಬಗ್ಗೆ ಬರೆದು ಕಳಿಸಿಕೊಡಿ
ವಾಟ್ಸ್ ಆಪ್ ನಂ
94484 41484
99802 81752
ಇ-ಮೇಲ್: hospettimes@gmail.com
ಹವಾಮಾನ
ಭಾನು : ಗರಿಷ್ಠ : 40°, ಕನಿಷ್ಠ : 26°
ಸೋಮ : ಗರಿಷ್ಠ : 41°, ಕನಿಷ್ಠ : 26°
ಹೊಸಪೇಟೆ
ಭಾನು : ಗರಿಷ್ಠ : 40°, ಕನಿಷ್ಠ : 26°
ಸೋಮ : ಗರಿಷ್ಠ : 41°, ಕನಿಷ್ಠ : 27°
ನ.12ರಂದು ವೆಂಕಟಗಿರಿ
ಗ್ರಾಮದಲ್ಲಿ ಜನಸ್ಪಂದನ
ಕಾರ್ಯಕ್ರಮ

ಕೊಪ್ಪಳ: ಕೊಪ್ಪಳ ಜಿಲ್ಲಾಡಳಿತ ಹಾಗೂ ಜಿಲ್ಲಾ ಪಂಚಾಯತ್ ವತಿಯಿಂದ ತಾಲ್ಲೂಕು ಮಟ್ಟದ "ಜನ ಸ್ಪಂದನ" ಕಾರ್ಯಕ್ರಮವನ್ನು ನವೆಂಬರ್ 12ರಂದು ಗಂಗಾವತಿ ತಾಲೂಕಿನ ವೆಂಕಟಗಿರಿ ಗ್ರಾಮದಲ್ಲಿ ಹಮ್ಮಿಕೊಳ್ಳಲಾಗಿದೆ. ಜಿಲ್ಲೆಯಲ್ಲಿನ ಸಾರ್ವಜನಿಕರ ಕುಂದುಕೊರತೆಗಳನ್ನು ತೀವ್ರಗತಿ ಪರಿಹರಿಸುವ ನಿಟ್ಟಿನಲ್ಲಿ ಪ್ರತಿ ತಾಲೂಕು ಮಟ್ಟದಲ್ಲಿ "ಜನ ಸ್ಪಂದನ" ಕಾರ್ಯಕ್ರಮಗಳನ್ನು ನಡೆಸಲಾಗುತ್ತಿದ್ದು, ಜಿಲ್ಲಾಧಿಕಾರಿಗಳು, ಜಿಲ್ಲಾ ಪಂಚಾಯತ್ ಮುಖ್ಯ ಕಾರ್ಯನಿರ್ವಾಹಕ ಅಧಿಕಾರಿಗಳು ಹಾಗೂ ಜಿಲ್ಲಾ ಪೊಲೀಸ್ ವರಿಷ್ಠಾಧಿಕಾರಿಗಳ ನೇತೃತ್ವದಲ್ಲಿ ಜಂಟಿಯಾಗಿ ತಾಲ್ಲೂಕು ಮಟ್ಟದಲ್ಲಿ ಹಮ್ಮಿಕೊಳ್ಳಲು ತಿಳಿಸಿದೆ. "ಜನ ಸ್ಪಂದನ" ಕಾರ್ಯಕ್ರಮವನ್ನು ನ.12ರ ಬೆಳಿಗ್ಗೆ 10 ಗಂಟೆಯಿಂದ ಸಂಜೆ 5 ಗಂಟೆಯವರೆಗೆ ಆ ಗ್ರಾಮದ ಶ್ರೀ ಲಕ್ಷ್ಮೀ ವೆಂಕಟೇಶ್ವರ ದೇವಸ್ಥಾನದ ಆವರಣದಲ್ಲಿ ಆಯೋಜಿಸಲಾಗಿದೆ. ಈ "ಜನ ಸ್ಪಂದನ" ಕಾರ್ಯಕ್ರಮಕ್ಕೆ ಸಾರ್ವಜನಿಕರು ಹೆಚ್ಚಿನ ಸಂಖ್ಯೆಯಲ್ಲಿ ಭಾಗವಹಿಸಿ ತಮ್ಮ ಅಹವಾಲುಗಳನ್ನು ಸಲ್ಲಿಸಿ ಸಮಸ್ಯೆಗಳಿಗೆ ಪರಿಹಾರವನ್ನು ಕಂಡುಕೊಳ್ಳಬೇಕು ಹಾಗೂ ಈ ಕಾರ್ಯಕ್ರಮದ ಸದುಪಯೋಗ ಪಡೆದುಕೊಳ್ಳಬೇಕೆಂದು ಜಿಲ್ಲಾಧಿಕಾರಿ ನಲಿನ್ ಅತುಲ್ ಅವರು ಪ್ರಕಟಣೆಯಲ್ಲಿ ತಿಳಿಸಿದ್ದಾರೆ.

ಪಟ್ಟಿಯನ್ನು ಅಕ್ಟೋಬರ್ 29 ರಂದು ಪ್ರಕಟಿಸಲಾಗಿದೆ. ವಿಶೇಷ ಅಭಿಯಾನ ದಿನ: ವಿಶೇಷ ಮತದಾರರ ಪಟ್ಟಿ ಪರಿಷ್ಕರಣೆ ಕಾರ್ಯದ ವಿಶೇಷ ಅಭಿಯಾನವನ್ನು ನ.09, 10, 23 ಹಾಗೂ ನ.24 ರಂದು ನಡೆಯಲಿದ್ದು, ಕೊಪ್ಪಳ ಜಿಲ್ಲೆಯ 5 ವಿಧಾನಸಭಾ ಕ್ಷೇತ್ರಗಳಲ್ಲಿನ ಎಲ್ಲಾ ಮತಗಟ್ಟೆಗಳಲ್ಲಿ ಎಲ್ಲಾ ಬೂತ್ ಮಟ್ಟದ ಅಧಿಕಾರಿಗಳು ಹಾಜರು ಇದ್ದು, ಈ ದಿನಗಳಂದು ಸಾರ್ವಜನಿಕರು ಹೆಸರು ಸೇರ್ಪಡೆ, ತಿದ್ದುಪಡಿ, ಬದಲಾವಣೆ ಹಾಗೂ ಕೈಬಿಡುವ ಕುರಿತು ಅರ್ಜಿಗಳನ್ನು ಸಲ್ಲಿಸಬಹುದು ಎಂದು ಜಿಲ್ಲಾಧಿಕಾರಿಗಳ ಕಾರ್ಯಾಲಯದ ಪ್ರಕಟಣೆ ತಿಳಿಸಿದೆ.
